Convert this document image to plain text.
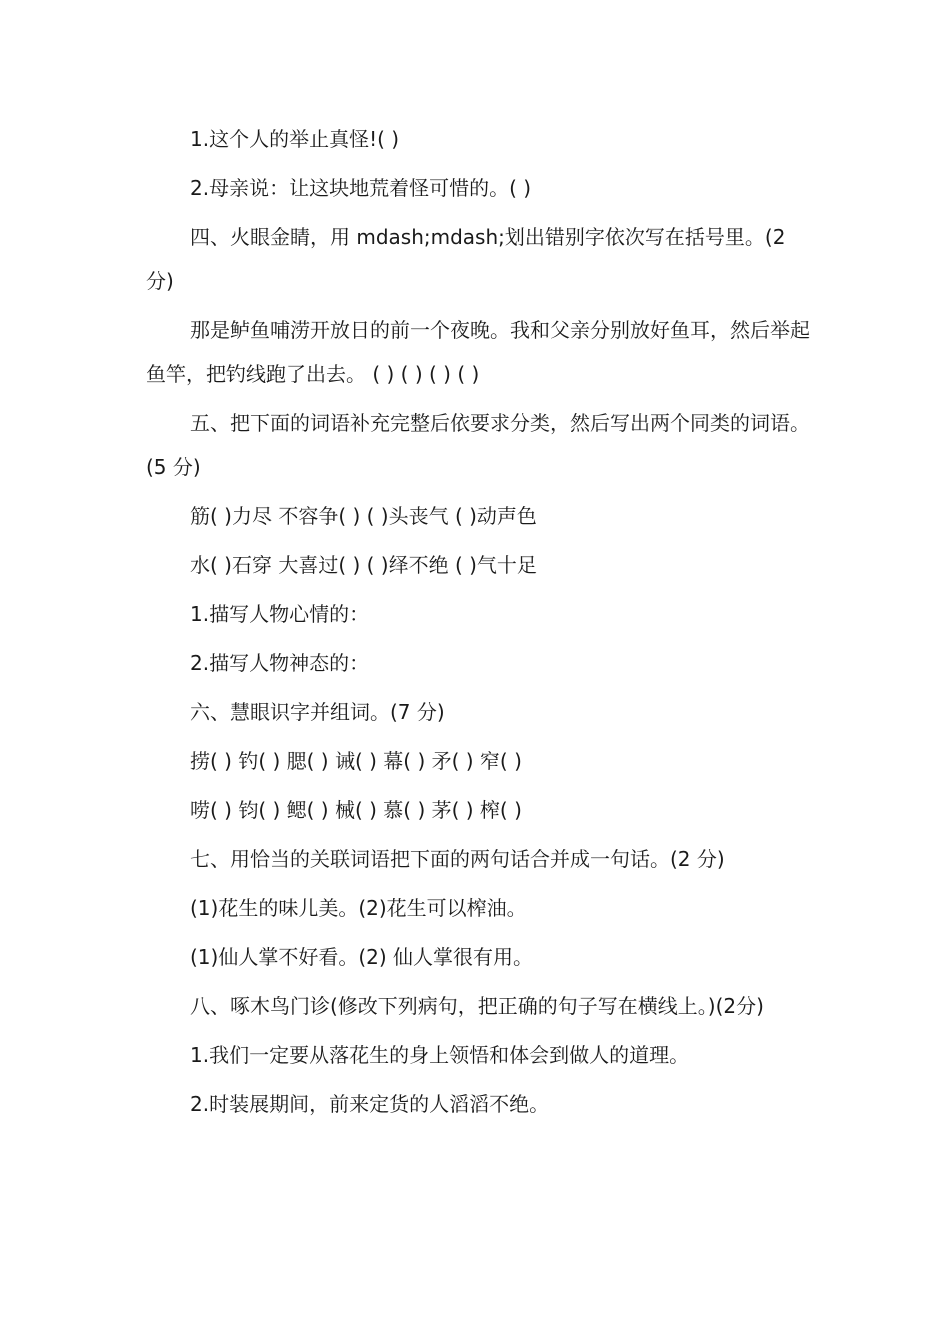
1.这个人的举止真怪!( )

2.母亲说：让这块地荒着怪可惜的。( )

四、火眼金睛，用 mdash;mdash;划出错别字依次写在括号里。(2分)

那是鲈鱼哺涝开放日的前一个夜晚。我和父亲分别放好鱼耳，然后举起鱼竿，把钓线跑了出去。 ( ) ( ) ( ) ( )

五、把下面的词语补充完整后依要求分类，然后写出两个同类的词语。(5 分)

筋( )力尽 不容争( ) ( )头丧气 ( )动声色

水( )石穿 大喜过( ) ( )绎不绝 ( )气十足

1.描写人物心情的：

2.描写人物神态的：

六、慧眼识字并组词。(7 分)

捞( ) 钓( ) 腮( ) 诫( ) 幕( ) 矛( ) 窄( )

唠( ) 钧( ) 鳃( ) 械( ) 慕( ) 茅( ) 榨( )

七、用恰当的关联词语把下面的两句话合并成一句话。(2 分)

(1)花生的味儿美。(2)花生可以榨油。

(1)仙人掌不好看。(2) 仙人掌很有用。

八、啄木鸟门诊(修改下列病句，把正确的句子写在横线上。)(2分)

1.我们一定要从落花生的身上领悟和体会到做人的道理。

2.时装展期间，前来定货的人滔滔不绝。
